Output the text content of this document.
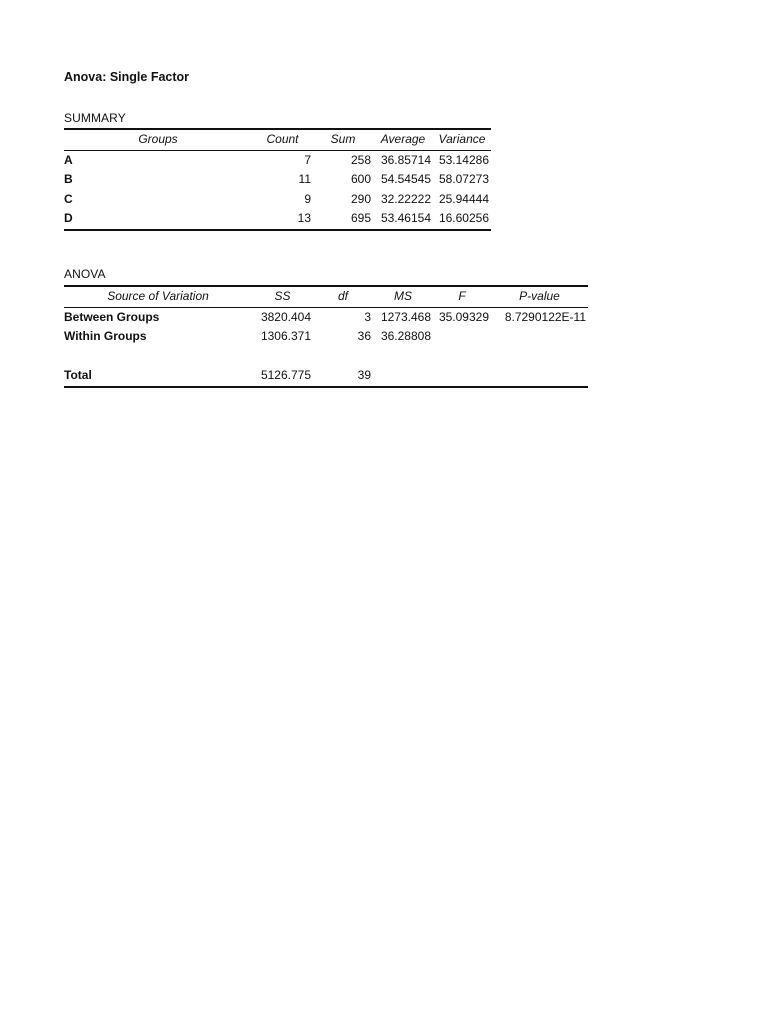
Anova: Single Factor
SUMMARY
Groups	Count	Sum	Average	Variance
A	7	258	36.85714	53.14286
B	11	600	54.54545	58.07273
C	9	290	32.22222	25.94444
D	13	695	53.46154	16.60256
ANOVA
Source of Variation	SS	df	MS	F	P-value
Between Groups	3820.404	3	1273.468	35.09329	8.7290122E-11
Within Groups	1306.371	36	36.28808		

Total	5126.775	39			
